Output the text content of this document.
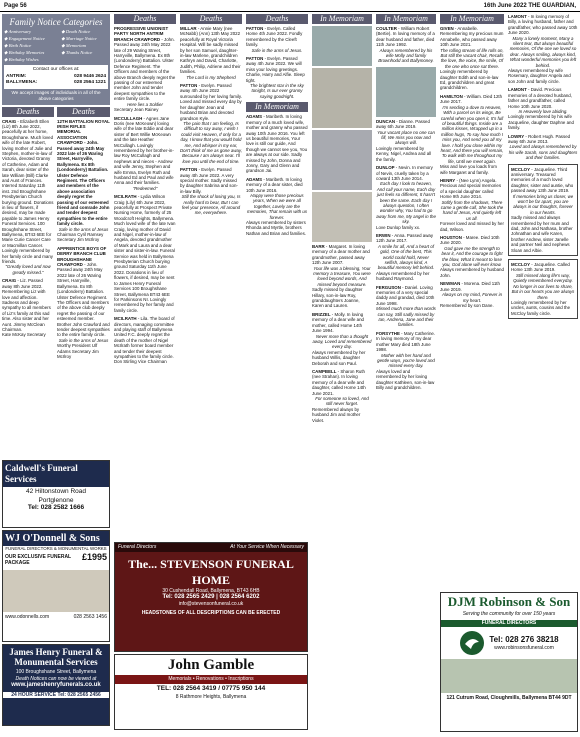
Page 56	16th June 2022 THE GUARDIAN,
Family Notice Categories
◆ Anniversary
◆ Engagement Notice
◆ Birth Notice
◆ Birthday Memories
◆ Birthday Wishes
◆ Death Notice
◆ Marriage Notice
◆ Memoriam
◆ Thanks Notice
Contact our offices at:
ANTRIM:	028 9446 2624
BALLYMENA:	028 2564 1221
We accept images of individuals in all of the above categories
Deaths
CRAIG - Elizabeth Ellen (Liz) 8th June 2022, peacefully at her home, Broughshane. Much loved wife of the late Robert, loving mother of Julie and Stephen, mother-in-law of Victoria, devoted Granny of Catherine, Adam and Sarah, dear sister of the late William (Bill) Clarke and Aunt of Frances. Interred Saturday 11th inst. 2nd Broughshane Presbyterian Church burying ground. Donations in lieu of flowers, if desired, may be made payable to James Henry Funeral Services. 100 Broughshane Street, Ballymena, BT43 6EE for Marie Curie Cancer Care or Macmillan Cancer. Lovingly remembered by her family circle and many friends.

"Greatly loved and now greatly missed."

CRAIG - Liz. Passed away 8th June 2022. Remembering Liz with love and affection. Sadness and deep sympathy to all members of Liz's family at this sad time. Also sister and her Aunt. Jimmy McClean Chairman.

Kate McKay Secretary

Deaths
12TH BATTALION ROYAL IRISH RIFLES MEMORIAL ASSOCIATION CRAWFORD - John. Passed away 24th May 2022 late of 26 Waring Street, Harryville, Ballymena. Ex 8th (Londonderry) Battalion. Ulster Defence Regiment. The Officers and members of the above association deeply regret the passing of our esteemed friend and comrade John and tender deepest sympathies to the entire family circle.

Safe in the arms of Jesus

Chairman Cyril Ramsey Secretary Jim McIlroy

APPRENTICE BOYS OF DERRY BRANCH CLUB BROUGHSHANE CRAWFORD - John. Passed away 24th May 2022 late of 26 Waring Street, Harryville, Ballymena. Ex 8th (Londonderry) Battalion. Ulster Defence Regiment. The Officers and members of the above club deeply regret the passing of our esteemed member. Brother John Crawford and tender deepest sympathies to the entire family circle.

Safe in the arms of Jesus

Worthy President Ulf Adams Secretary Jim McIlroy

Caldwell's Funeral Services
42 Hiltonstown Road
Portglenone
Tel: 028 2582 1666
WJ O'Donnell & Sons
FUNERAL DIRECTORS & MONUMENTAL WORKS
OUR EXCLUSIVE FUNERAL PACKAGE
£1995
www.odonnells.com	028 2563 1456
James Henry Funeral & Monumental Services
100 Broughshane Street, Ballymena
Death Notices can now be viewed at
www.jameshenryfunerals.co.uk
24 HOUR SERVICE Tel: 028 2565 2456
Deaths
PROGRESSIVE UNIONIST PARTY NORTH ANTRIM BRANCH CRAWFORD - John. Passed away 24th May 2022 late of 29 Waring Street, Harryville, Ballymena. Ex 8th (Londonderry) Battalion. Ulster Defence Regiment. The Officers and members of the above Branch deeply regret the passing of our esteemed member John and tender deepest sympathies to the entire family circle.

Here lies a Soldier

Secretary Jean Rainey

MCCULLAGH - Agnes Jane Doris (nee McKeown) loving wife of the late Eddie and dear sister of Bert Willie McKeown and the late Heather McCullagh. Lovingly remembered by her brother-in-law Roy McCullagh and nephews and nieces - Andrew and wife Jenny, Stephen and wife Emma, Evelyn Ruth and husband Ed and Paul and wife Anna and their families.

"Redeemed"

MCILRATH - Lydia Wilson Craig (Lily) 6th June 2022, peacefully at Prospect Private Nursing Home, formerly of 25 Woodcroft Heights, Ballymena. Much loved wife of the late Ivan Craig, loving mother of David and Nigel, mother-in-law of Angela, devoted grandmother of Mark and Laura and a dear sister and sister-in-law. Funeral Service was held in Ballymena Presbyterian Church burying ground Saturday 11th June 2022. Donations in lieu of flowers, if desired, may be sent to James Henry Funeral Services 100 Broughshane Street, Ballymena BT43 6EE for Parkinsons NI. Lovingly remembered by her family and family circle.
MCILRATH - Lila. The board of directors, managing committee and playing staff of Ballymena United F.C. deeply regret the death of the mother of Nigel McIlrath former board member and tender their deepest sympathies to the family circle.

Don Stirling Vice Chairman

Deaths
MILLAR - Annie Mary (nee McNabb) (Ann) 13th May 2022 peacefully at Royal Victoria Hospital. Will be sadly missed by her son Samuel, daughter-in-law Marlene, grandchildren Kathryn and David, Charlotte, Judith, Philip, Adriene and their families.

The Lord is my Shepherd

PATTON - Evelyn. Passed away 4th June 2022 surrounded by her loving family. Loved and missed every day by her daughter Jean and husband Brian and devoted grandson Kyle.

The pain that I am feeling, Is difficult to say away, I wish I could visit Heaven, If only for a day, I know that you would hold me, And whisper in my ear, Don't think of me as gone away, Because I am always near. I'll love you until the end of time.

PATTON - Evelyn. Passed away 4th June 2022. A very special mother. Sadly missed by daughter Sabrina and son-in-law Billy.

Still the shock of losing you, Is really hard to bear, But I can feel your presence, All around me, everywhere.

Deaths
PATTON - Evelyn. Called Home 4th June 2022. Fondly remembered by the Cleeft family.

Safe in the arms of Jesus.

PATTON - Evelyn. Passed away 4th June 2022. We will miss your loving greetings. Charlie, Harry and Alfie. Sleep tight.

The brightest star in the sky tonight, Is our ever granny saying goodnight.

In Memoriam
ADAMS - Maribeth. In loving memory of a much loved wife, mother and granny who passed away 10th June 2016. You left us beautiful memories, Your love is still our guide, And though we cannot see you, You are always at our side. Sadly missed by John, Donna and Jonny, Gary and Glenn and grandson Jai.
ADAMS - Maribeth. In loving memory of a dear sister, died 10th June 2016.

Happy were those precious years, When we were all together, Lovely are the memories, That remain with us forever.

Always remembered by sisters Rhonda and Myrtle, brothers Nathan and Brian and families.

In Memoriam
BARR - Margaret. In loving memory of a dear mother and grandmother, passed away 12th June 2007.

Your life was a blessing, Your memory a treasure, You were loved beyond words, And missed beyond measure.

Sadly missed by daughter Hillary, son-in-law Roy, granddaughters Joanne, Karen and Lauren.

BRIZZEL - Molly. In loving memory of a dear wife and mother, called Home 14th June 1994.

Never more than a thought away, Loved and remembered every day.

Always remembered by her husband Willis, daughter Deborah and son Paul.

CAMPBELL - Sharon Ruth (nee Strahan). In loving memory of a dear wife and daughter, called Home 14th June 2021.

For someone so loved, And still never forget.

Remembered always by husband Jim and mother Violet.

Funeral Directors	At Your Service When Necessary
The... STEVENSON FUNERAL HOME
30 Cushendall Road, Ballymena, BT43 6HB
Tel: 028 2565 2429 | 028 2564 6202
info@stevensonfuneral.co.uk
HEADSTONES OF ALL DESCRIPTIONS CAN BE ERECTED
John Gamble
Memorials • Renovations • Inscriptions
TEL: 028 2564 3419 / 07775 950 144
8 Rathmore Heights, Ballymena
In Memoriam
COULTER - William Robert (Bertie). In loving memory of a dear husband and father, died 11th June 1992.

Always remembered by his wife Molly and family Brownhodd and Ballymoney.

DUNCAN - Dianne. Passed away 6th June 2019.

Your vacant place no one can fill, We miss you now and always will.

Lovingly remembered by Kenny, Nigel, Andrea and all the family.

DUNLOP - Nevin. In memory of Nevin, cruelly taken by a coward 13th June 2014.

Each day I look to heaven, And call your name, Each day just feels so different, It hasn't been the same. Each day I always question, I often wonder why, You had to go away from me, My angel in the sky.

Love Dunlop family xx.

ERWIN - Anna. Passed away 12th June 2017.

A smile for all, And a heart of gold, One of the best, This world could hold, Never selfish, always kind, A beautiful memory left behind.

Always remembered by her husband Raymond.

FERGUSON - Daniel. Loving memories of a very special daddy and grandad, died 10th June 1998.

Missed much more than words can say, Still sadly missed by Ian, Andrena, Jane and their families.

FORSYTHE - Mary Catherine. In loving memory of my dear mother Mary died 18th June 1998.

Mother with her hand and gentle ways, you're loved and missed every day.

Always loved and remembered by her loving daughter Kathleen, son-in-law Billy and grandchildren.

In Memoriam
GIVEN - Annabelle. Remembering my precious mum Annabelle, who passed away 10th June 2021.

The rolling stream of life rolls on, But still the vacant chair, Recalls the love, the voice, the smile, Of the one who once sat there.

Lovingly remembered by daughter Edith and son-in-law Ed, grandchildren and great grandchildren.

HAMILTON - William. Died 12th June 2017.

I'm sending a dove to Heaven, With a parcel on its wings, Be careful when you open it, It's full of beautiful things. Inside are a million kisses, Wrapped up in a million hugs, To say how much I miss you, And send you all my love. I hold you close within my heart, And there you will remain, To walk with me throughout my life, Until we meet again.

Miss and love you loads from wife Margaret and family.

HENRY - (Nee Lynn) Angela. Precious and special memories of a special daughter called Home 9th June 2014.

Softly from the shadows, There came a gentle call, She took the hand of Jesus, And quietly left us all.

Forever loved and missed by her dad, Wilson.

HOUSTON - Maree. Died 10th June 2020.

God gave me the strength to bear it, And the courage to fight the blow, What it meant to lose you, God alone will ever know.

Always remembered by husband John.

NEWMAN - Morena. Died 11th June 2019.

Always on my mind, Forever in my heart.

Remembered by son Dane.

LAMONT - In loving memory of Billy, a loving husband, father and grandfather, who passed away 10th June 2020.

Many a lonely moment, Many a silent tear, But always beautiful memories, Of the one we loved so dear. Always smiling, always kind, What wonderful memories you left behind.

Always remembered by wife Rosemary, daughter Angela and son John and family circle.

LAMONT - David. Precious memories of a devoted husband, father and grandfather, called Home 10th June 2020.

In Heavenly love abiding.

Lovingly remembered by his wife Jacqueline, daughter Daphne and family.

LOWRY - Robert Hugh. Passed away 6th June 2013.

Loved and always remembered by his wife Sarah, sons and daughters and their families.

MCCLOY - Jacqueline. Third anniversary. Treasured memories of a much loved daughter, sister and auntie, who passed away 13th June 2019.

If memories bring us closer, we won't be far apart, you are always in our thoughts, forever in our hearts.

Sadly missed and always remembered by her mum and dad, John and Nathasa, brother Johnathan and wife Karen, brother Andrew, sister Janelle and partner Neil and nephews Sloan and Albie.

MCCLOY - Jacqueline. Called Home 13th June 2019.

Still missed along life's way, Quietly remembered everyday. No longer in our lives to share, But in our hearts you are always there.

Lovingly remembered by her uncles, aunts, cousins and the McCloy family circle.

DJM Robinson & Son
Serving the community for over 150 years
FUNERAL DIRECTORS
Tel: 028 276 38218
www.robinsonsfuneral.com
121 Cutrum Road, Cloughmills, Ballymena BT44 9DT
